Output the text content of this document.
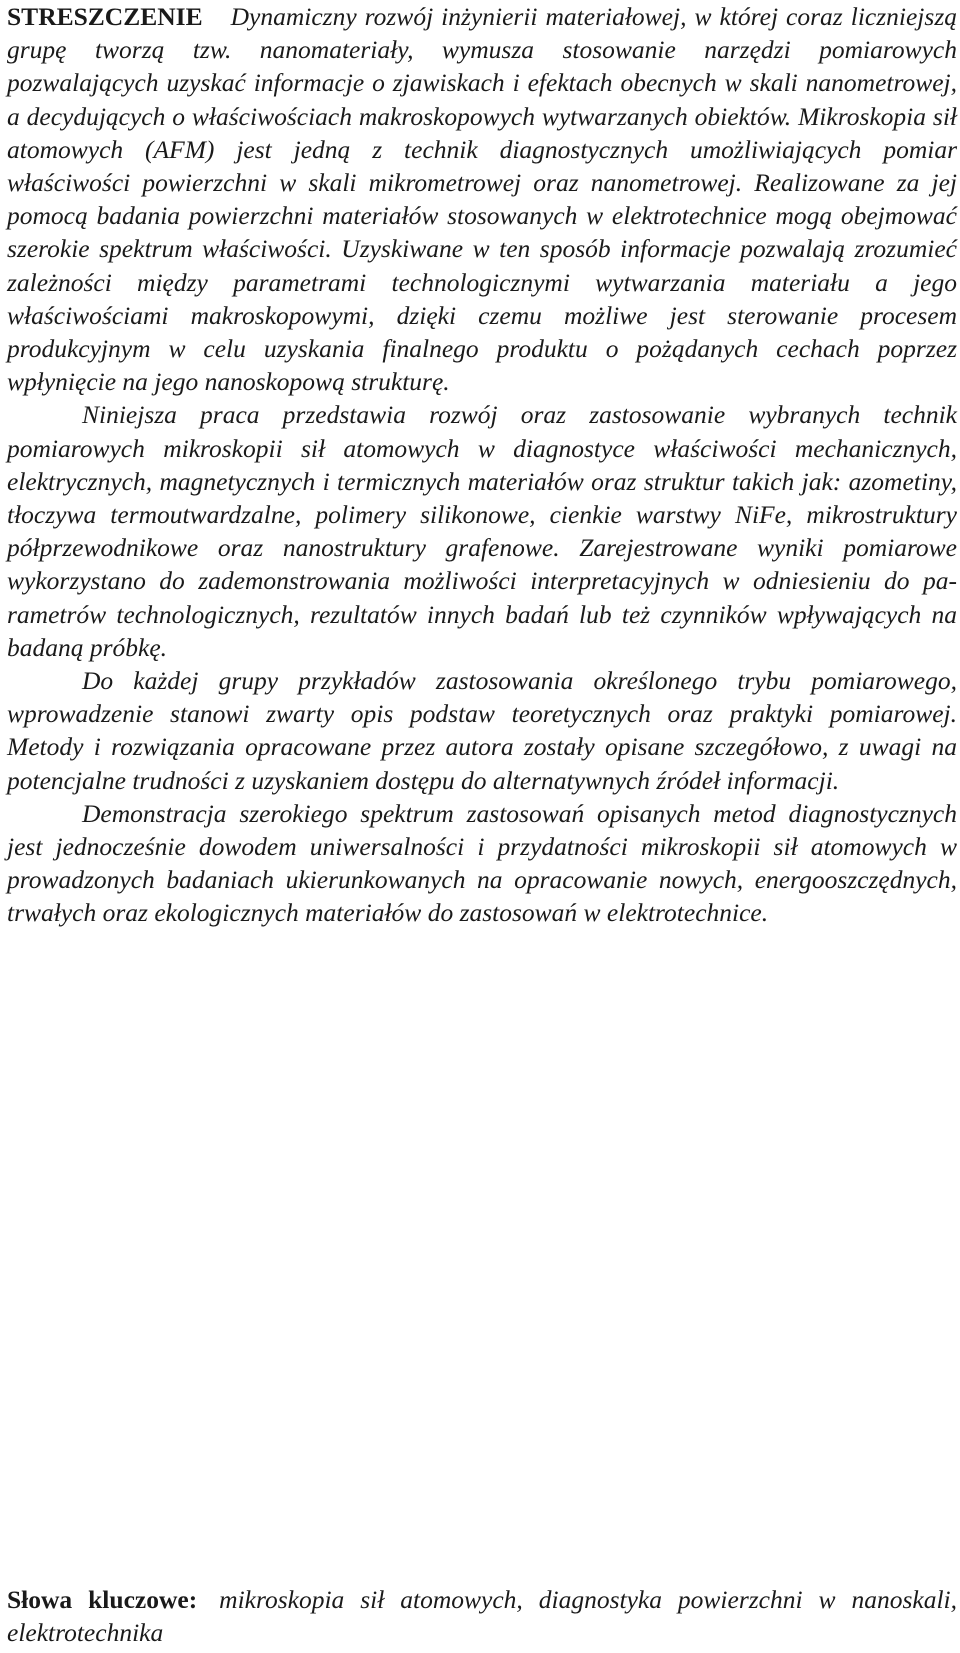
STRESZCZENIE Dynamiczny rozwój inżynierii materiałowej, w której coraz liczniejszą grupę tworzą tzw. nanomateriały, wymusza stosowanie narzędzi pomiarowych pozwalających uzyskać informacje o zjawiskach i efektach obecnych w skali nanometrowej, a decydujących o właściwościach makroskopowych wytwarzanych obiektów. Mikroskopia sił atomowych (AFM) jest jedną z technik diagnostycznych umożliwiających pomiar właściwości powierzchni w skali mikrometrowej oraz nanometrowej. Realizowane za jej pomocą badania powierzchni materiałów stosowanych w elektrotechnice mogą obejmować szerokie spektrum właściwości. Uzyskiwane w ten sposób informacje pozwalają zrozumieć zależności między parametrami technologicznymi wytwarzania materiału a jego właściwościami makroskopowymi, dzięki czemu możliwe jest sterowanie procesem produkcyjnym w celu uzyskania finalnego produktu o pożądanych cechach poprzez wpłynięcie na jego nanoskopową strukturę.

Niniejsza praca przedstawia rozwój oraz zastosowanie wybranych technik pomiarowych mikroskopii sił atomowych w diagnostyce właściwości mechanicznych, elektrycznych, magnetycznych i termicznych materiałów oraz struktur takich jak: azometiny, tłoczywa termoutwardzalne, polimery silikonowe, cienkie warstwy NiFe, mikrostruktury półprzewodnikowe oraz nanostruktury grafenowe. Zarejestrowane wyniki pomiarowe wykorzystano do zademonstrowania możliwości interpretacyjnych w odniesieniu do parametrów technologicznych, rezultatów innych badań lub też czynników wpływających na badaną próbkę.

Do każdej grupy przykładów zastosowania określonego trybu pomiarowego, wprowadzenie stanowi zwarty opis podstaw teoretycznych oraz praktyki pomiarowej. Metody i rozwiązania opracowane przez autora zostały opisane szczegółowo, z uwagi na potencjalne trudności z uzyskaniem dostępu do alternatywnych źródeł informacji.

Demonstracja szerokiego spektrum zastosowań opisanych metod diagnostycznych jest jednocześnie dowodem uniwersalności i przydatności mikroskopii sił atomowych w prowadzonych badaniach ukierunkowanych na opracowanie nowych, energooszczędnych, trwałych oraz ekologicznych materiałów do zastosowań w elektrotechnice.

Słowa kluczowe: mikroskopia sił atomowych, diagnostyka powierzchni w nanoskali, elektrotechnika
